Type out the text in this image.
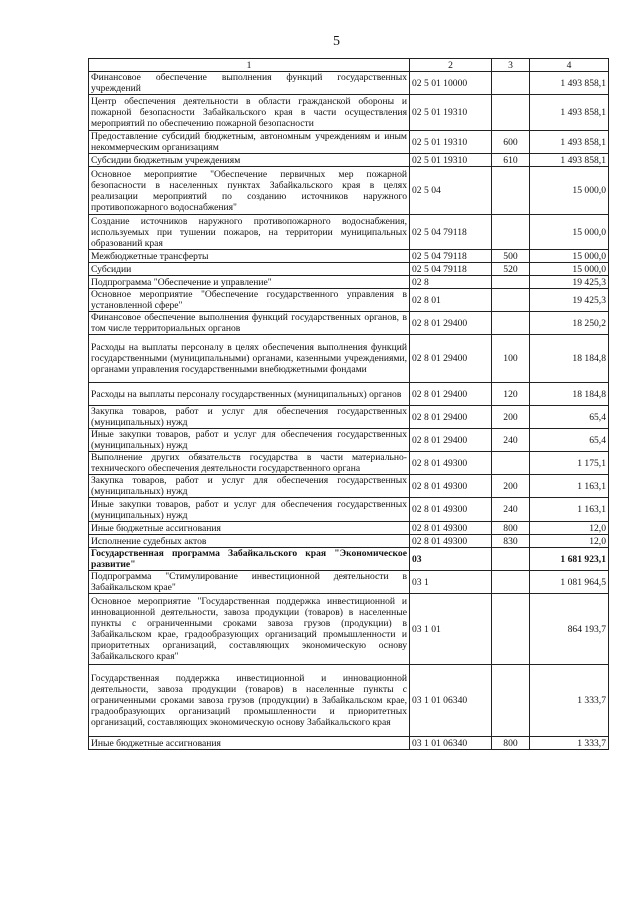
5
1	2	3	4
Финансовое обеспечение выполнения функций государственных учреждений	02 5 01 10000		1 493 858,1
Центр обеспечения деятельности в области гражданской обороны и пожарной безопасности Забайкальского края в части осуществления мероприятий по обеспечению пожарной безопасности	02 5 01 19310		1 493 858,1
Предоставление субсидий бюджетным, автономным учреждениям и иным некоммерческим организациям	02 5 01 19310	600	1 493 858,1
Субсидии бюджетным учреждениям	02 5 01 19310	610	1 493 858,1
Основное мероприятие "Обеспечение первичных мер пожарной безопасности в населенных пунктах Забайкальского края в целях реализации мероприятий по созданию источников наружного противопожарного водоснабжения"	02 5 04		15 000,0
Создание источников наружного противопожарного водоснабжения, используемых при тушении пожаров, на территории муниципальных образований края	02 5 04 79118		15 000,0
Межбюджетные трансферты	02 5 04 79118	500	15 000,0
Субсидии	02 5 04 79118	520	15 000,0
Подпрограмма "Обеспечение и управление"	02 8		19 425,3
Основное мероприятие "Обеспечение государственного управления в установленной сфере"	02 8 01		19 425,3
Финансовое обеспечение выполнения функций государственных органов, в том числе территориальных органов	02 8 01 29400		18 250,2
Расходы на выплаты персоналу в целях обеспечения выполнения функций государственными (муниципальными) органами, казенными учреждениями, органами управления государственными внебюджетными фондами	02 8 01 29400	100	18 184,8
Расходы на выплаты персоналу государственных (муниципальных) органов	02 8 01 29400	120	18 184,8
Закупка товаров, работ и услуг для обеспечения государственных (муниципальных) нужд	02 8 01 29400	200	65,4
Иные закупки товаров, работ и услуг для обеспечения государственных (муниципальных) нужд	02 8 01 29400	240	65,4
Выполнение других обязательств государства в части материально-технического обеспечения деятельности государственного органа	02 8 01 49300		1 175,1
Закупка товаров, работ и услуг для обеспечения государственных (муниципальных) нужд	02 8 01 49300	200	1 163,1
Иные закупки товаров, работ и услуг для обеспечения государственных (муниципальных) нужд	02 8 01 49300	240	1 163,1
Иные бюджетные ассигнования	02 8 01 49300	800	12,0
Исполнение судебных актов	02 8 01 49300	830	12,0
Государственная программа Забайкальского края "Экономическое развитие"	03		1 681 923,1
Подпрограмма "Стимулирование инвестиционной деятельности в Забайкальском крае"	03 1		1 081 964,5
Основное мероприятие "Государственная поддержка инвестиционной и инновационной деятельности, завоза продукции (товаров) в населенные пункты с ограниченными сроками завоза грузов (продукции) в Забайкальском крае, градообразующих организаций промышленности и приоритетных организаций, составляющих экономическую основу Забайкальского края"	03 1 01		864 193,7
Государственная поддержка инвестиционной и инновационной деятельности, завоза продукции (товаров) в населенные пункты с ограниченными сроками завоза грузов (продукции) в Забайкальском крае, градообразующих организаций промышленности и приоритетных организаций, составляющих экономическую основу Забайкальского края	03 1 01 06340		1 333,7
Иные бюджетные ассигнования	03 1 01 06340	800	1 333,7
